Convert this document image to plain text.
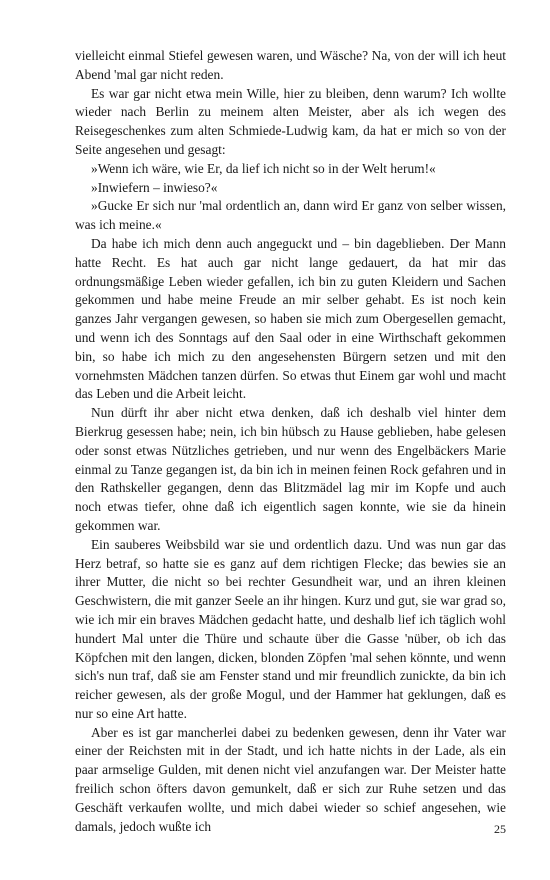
vielleicht einmal Stiefel gewesen waren, und Wäsche? Na, von der will ich heut Abend 'mal gar nicht reden.

Es war gar nicht etwa mein Wille, hier zu bleiben, denn warum? Ich wollte wieder nach Berlin zu meinem alten Meister, aber als ich wegen des Reisegeschenkes zum alten Schmiede-Ludwig kam, da hat er mich so von der Seite angesehen und gesagt:

»Wenn ich wäre, wie Er, da lief ich nicht so in der Welt herum!«

»Inwiefern – inwieso?«

»Gucke Er sich nur 'mal ordentlich an, dann wird Er ganz von selber wissen, was ich meine.«

Da habe ich mich denn auch angeguckt und – bin dageblieben. Der Mann hatte Recht. Es hat auch gar nicht lange gedauert, da hat mir das ordnungsmäßige Leben wieder gefallen, ich bin zu guten Kleidern und Sachen gekommen und habe meine Freude an mir selber gehabt. Es ist noch kein ganzes Jahr vergangen gewesen, so haben sie mich zum Obergesellen gemacht, und wenn ich des Sonntags auf den Saal oder in eine Wirthschaft gekommen bin, so habe ich mich zu den angesehensten Bürgern setzen und mit den vornehmsten Mädchen tanzen dürfen. So etwas thut Einem gar wohl und macht das Leben und die Arbeit leicht.

Nun dürft ihr aber nicht etwa denken, daß ich deshalb viel hinter dem Bierkrug gesessen habe; nein, ich bin hübsch zu Hause geblieben, habe gelesen oder sonst etwas Nützliches getrieben, und nur wenn des Engelbäckers Marie einmal zu Tanze gegangen ist, da bin ich in meinen feinen Rock gefahren und in den Rathskeller gegangen, denn das Blitzmädel lag mir im Kopfe und auch noch etwas tiefer, ohne daß ich eigentlich sagen konnte, wie sie da hinein gekommen war.

Ein sauberes Weibsbild war sie und ordentlich dazu. Und was nun gar das Herz betraf, so hatte sie es ganz auf dem richtigen Flecke; das bewies sie an ihrer Mutter, die nicht so bei rechter Gesundheit war, und an ihren kleinen Geschwistern, die mit ganzer Seele an ihr hingen. Kurz und gut, sie war grad so, wie ich mir ein braves Mädchen gedacht hatte, und deshalb lief ich täglich wohl hundert Mal unter die Thüre und schaute über die Gasse 'nüber, ob ich das Köpfchen mit den langen, dicken, blonden Zöpfen 'mal sehen könnte, und wenn sich's nun traf, daß sie am Fenster stand und mir freundlich zunickte, da bin ich reicher gewesen, als der große Mogul, und der Hammer hat geklungen, daß es nur so eine Art hatte.

Aber es ist gar mancherlei dabei zu bedenken gewesen, denn ihr Vater war einer der Reichsten mit in der Stadt, und ich hatte nichts in der Lade, als ein paar armselige Gulden, mit denen nicht viel anzufangen war. Der Meister hatte freilich schon öfters davon gemunkelt, daß er sich zur Ruhe setzen und das Geschäft verkaufen wollte, und mich dabei wieder so schief angesehen, wie damals, jedoch wußte ich	25
